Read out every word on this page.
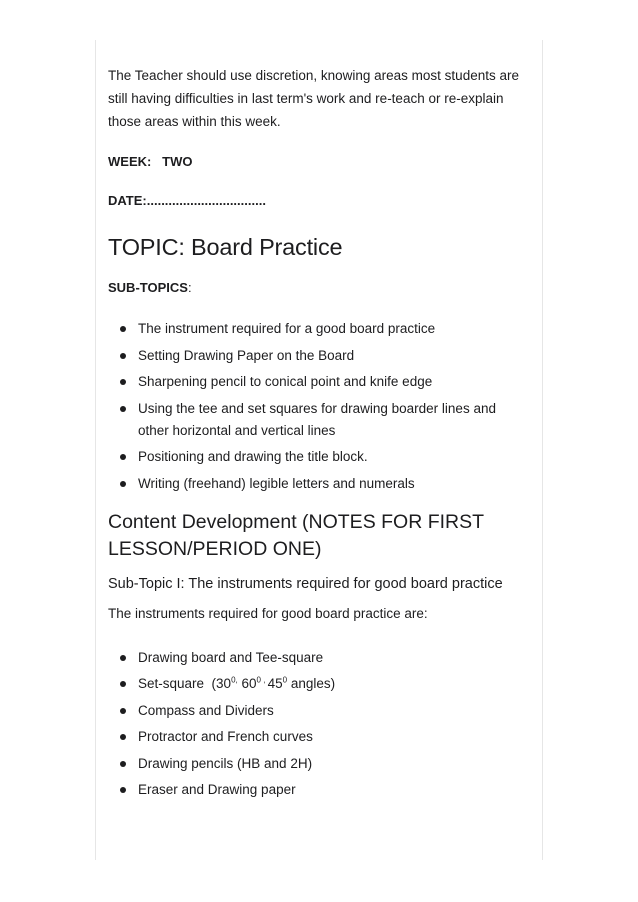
The Teacher should use discretion, knowing areas most students are still having difficulties in last term's work and re-teach or re-explain those areas within this week.

WEEK:   TWO

DATE:.................................

TOPIC: Board Practice

SUB-TOPICS:

The instrument required for a good board practice
Setting Drawing Paper on the Board
Sharpening pencil to conical point and knife edge
Using the tee and set squares for drawing boarder lines and other horizontal and vertical lines
Positioning and drawing the title block.
Writing (freehand) legible letters and numerals
Content Development (NOTES FOR FIRST LESSON/PERIOD ONE)
Sub-Topic I: The instruments required for good board practice

The instruments required for good board practice are:

Drawing board and Tee-square
Set-square  ($30^{0,}$ $60^0$ , $45^0$ angles)
Compass and Dividers
Protractor and French curves
Drawing pencils (HB and 2H)
Eraser and Drawing paper
